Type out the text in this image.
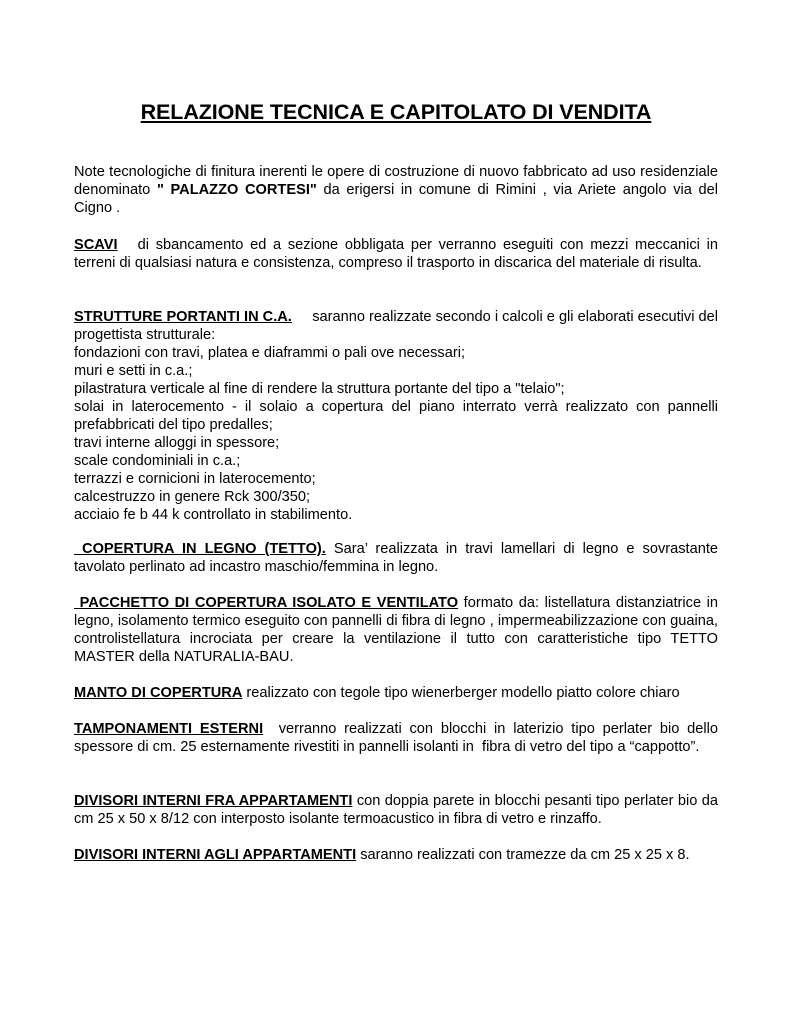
RELAZIONE TECNICA E CAPITOLATO DI VENDITA
Note tecnologiche di finitura inerenti le opere di costruzione di nuovo fabbricato ad uso residenziale denominato " PALAZZO CORTESI" da erigersi in comune di Rimini , via Ariete angolo via del Cigno .
SCAVI   di sbancamento ed a sezione obbligata per verranno eseguiti con mezzi meccanici in terreni di qualsiasi natura e consistenza, compreso il trasporto in discarica del materiale di risulta.
STRUTTURE PORTANTI IN C.A.     saranno realizzate secondo i calcoli e gli elaborati esecutivi del progettista strutturale:
fondazioni con travi, platea e diaframmi o pali ove necessari;
muri e setti in c.a.;
pilastratura verticale al fine di rendere la struttura portante del tipo a "telaio";
solai in laterocemento - il solaio a copertura del piano interrato verrà realizzato con pannelli prefabbricati del tipo predalles;
travi interne alloggi in spessore;
scale condominiali in c.a.;
terrazzi e cornicioni in laterocemento;
calcestruzzo in genere Rck 300/350;
acciaio fe b 44 k controllato in stabilimento.
COPERTURA IN LEGNO (TETTO). Sara’ realizzata in travi lamellari di legno e sovrastante tavolato perlinato ad incastro maschio/femmina in legno.
PACCHETTO DI COPERTURA ISOLATO E VENTILATO formato da: listellatura distanziatrice in legno, isolamento termico eseguito con pannelli di fibra di legno , impermeabilizzazione con guaina, controlistellatura incrociata per creare la ventilazione il tutto con caratteristiche tipo TETTO MASTER della NATURALIA-BAU.
MANTO DI COPERTURA realizzato con tegole tipo wienerberger modello piatto colore chiaro
TAMPONAMENTI ESTERNI  verranno realizzati con blocchi in laterizio tipo perlater bio dello spessore di cm. 25 esternamente rivestiti in pannelli isolanti in  fibra di vetro del tipo a “cappotto”.
DIVISORI INTERNI FRA APPARTAMENTI con doppia parete in blocchi pesanti tipo perlater bio da cm 25 x 50 x 8/12 con interposto isolante termoacustico in fibra di vetro e rinzaffo.
DIVISORI INTERNI AGLI APPARTAMENTI saranno realizzati con tramezze da cm 25 x 25 x 8.
